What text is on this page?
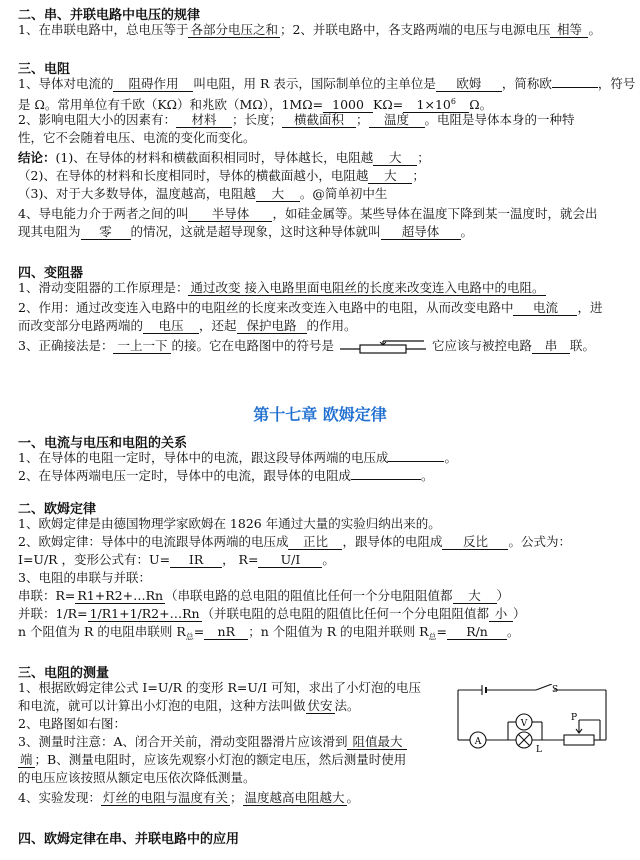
二、串、并联电路中电压的规律
1、在串联电路中，总电压等于 各部分电压之和 ；2、并联电路中，各支路两端的电压与电源电压 相等 。
三、电阻
1、导体对电流的 阻碍作用 叫电阻，用 R 表示，国际制单位的主单位是 欧姆 ，简称欧	，符号
是 Ω。常用单位有千欧（KΩ）和兆欧（MΩ），1MΩ= 1000 $K\Omega= 1\times 10^6$ Ω。
2、影响电阻大小的因素有： 材料 ；长度； 横截面积 ； 温度 。电阻是导体本身的一种特
性，它不会随着电压、电流的变化而变化。
结论：(1)、在导体的材料和横截面积相同时，导体越长，电阻越 大 ；
（2)、在导体的材料和长度相同时，导体的横截面越小，电阻越 大 ；
（3)、对于大多数导体，温度越高，电阻越 大 。@简单初中生
4、导电能力介于两者之间的叫 半导体 ，如硅金属等。某些导体在温度下降到某一温度时，就会出
现其电阻为 零 的情况，这就是超导现象，这时这种导体就叫 超导体 。
四、变阻器
1、滑动变阻器的工作原理是： 通过改变 接入电路里面电阻丝的长度来改变连入电路中的电阻。
2、作用：通过改变连入电路中的电阻丝的长度来改变连入电路中的电阻，从而改变电路中 电流 ，进
而改变部分电路两端的 电压 ，还起 保护电路 的作用。
3、正确接法是： 一上一下 的接。它在电路图中的符号是	它应该与被控电路 串 联。
第十七章 欧姆定律
一、电流与电压和电阻的关系
1、在导体的电阻一定时，导体中的电流，跟这段导体两端的电压成	。
2、在导体两端电压一定时，导体中的电流，跟导体的电阻成	。
二、欧姆定律
1、欧姆定律是由德国物理学家欧姆在 1826 年通过大量的实验归纳出来的。
2、欧姆定律：导体中的电流跟导体两端的电压成 正比 ，跟导体的电阻成 反比 。公式为：
I=U/R ，变形公式有：U= IR ， R= U/I 。
3、电阻的串联与并联：
串联：R= R1+R2+…Rn （串联电路的总电阻的阻值比任何一个分电阻阻值都 大 ）
并联：1/R= 1/R1+1/R2+…Rn （并联电阻的总电阻的阻值比任何一个分电阻阻值都 小 ）
n 个阻值为 R 的电阻串联则 $R_总=$ nR ；n 个阻值为 R 的电阻并联则 $R_总= R/n$ 。
三、电阻的测量
1、根据欧姆定律公式 I=U/R 的变形 R=U/I 可知，求出了小灯泡的电压
和电流，就可以计算出小灯泡的电阻，这种方法叫做 伏安 法。
2、电路图如右图：
3、测量时注意：A、闭合开关前，滑动变阻器滑片应该滑到 阻值最大
端 ；B、测量电阻时，应该先观察小灯泡的额定电压，然后测量时使用
的电压应该按照从额定电压依次降低测量。
4、实验发现： 灯丝的电阻与温度有关 ； 温度越高电阻越大 。
四、欧姆定律在串、并联电路中的应用
S
V
A
L
P
